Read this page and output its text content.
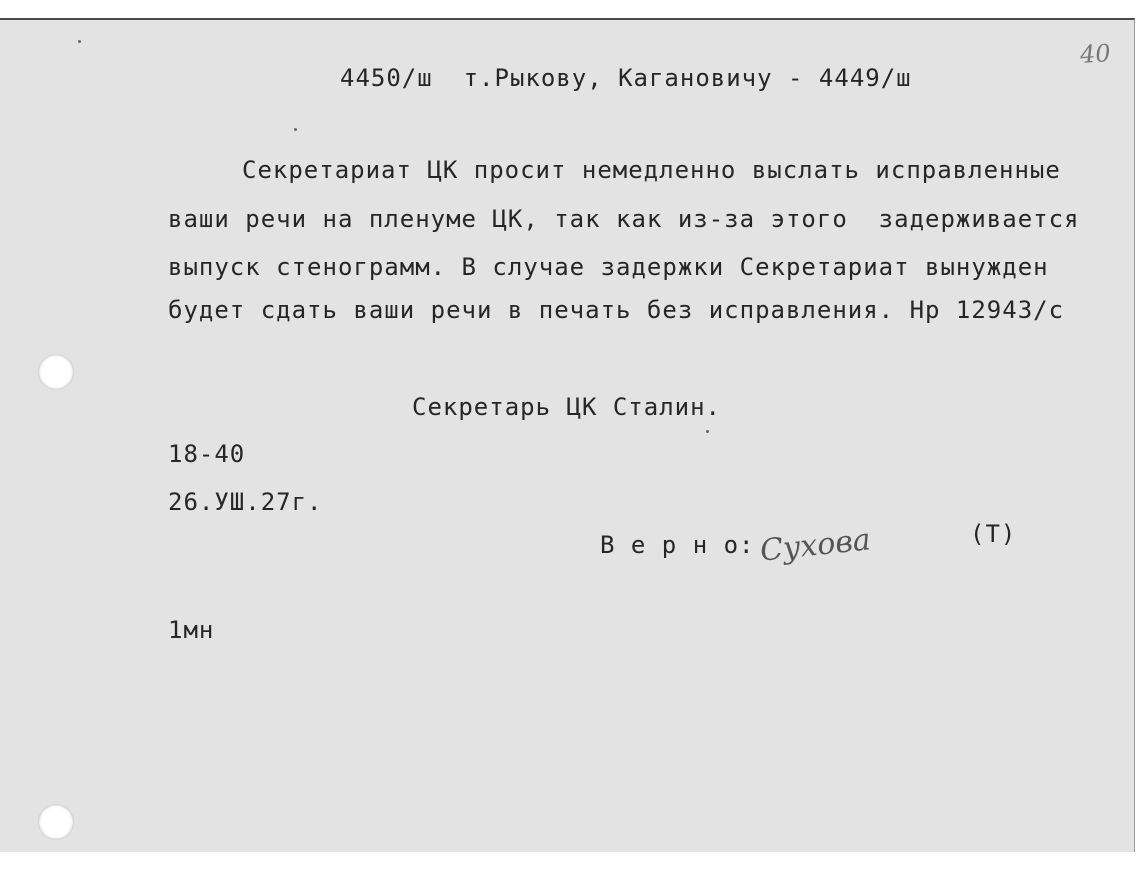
40
4450/ш  т.Рыкову, Кагановичу - 4449/ш
Секретариат ЦК просит немедленно выслать исправленные
ваши речи на пленуме ЦК, так как из-за этого  задерживается
выпуск стенограмм. В случае задержки Секретариат вынужден
будет сдать ваши речи в печать без исправления. Нр 12943/с
Секретарь ЦК Сталин.
18-40
26.УШ.27г.
В е р н о: Сухова	(Т)
1мн
